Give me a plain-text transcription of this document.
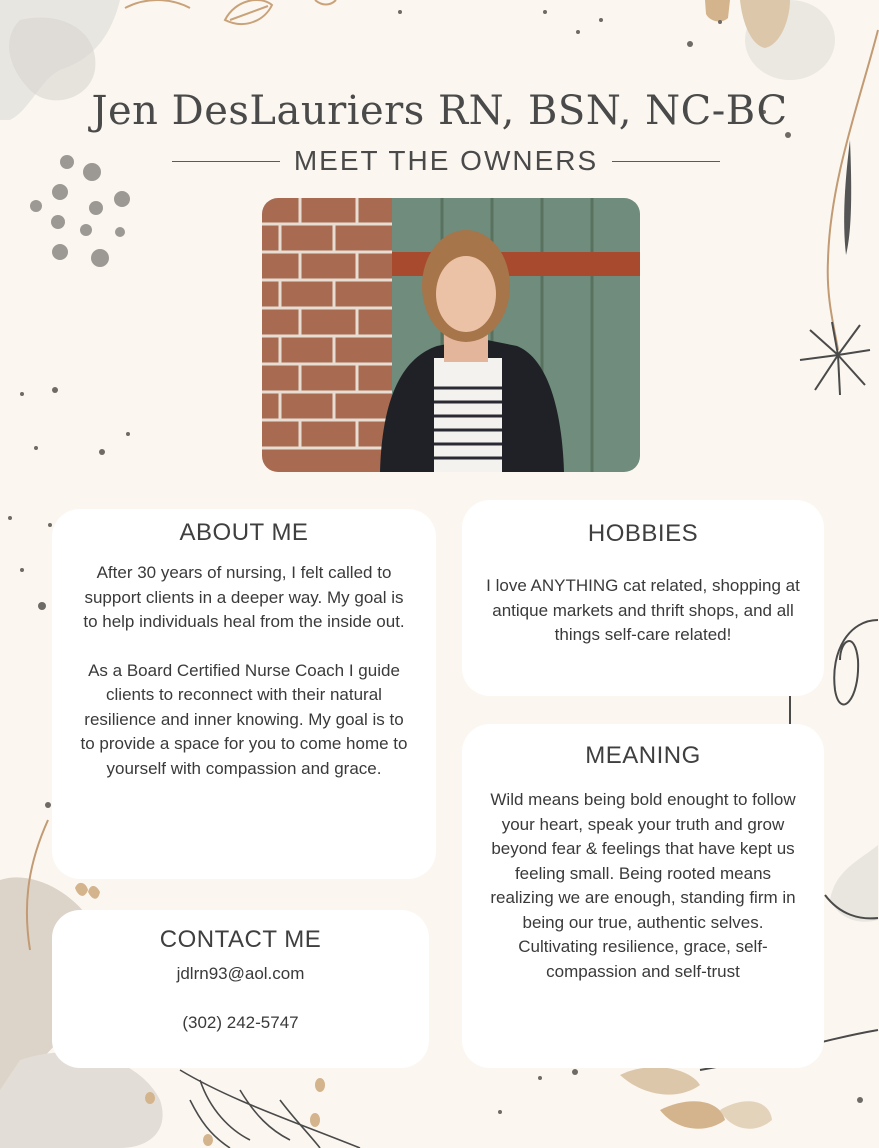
Jen DesLauriers RN, BSN, NC-BC
MEET THE OWNERS
ABOUT ME

After 30 years of nursing, I felt called to support clients in a deeper way. My goal is to help individuals heal from the inside out.

As a Board Certified Nurse Coach I guide clients to reconnect with their natural resilience and inner knowing. My goal is to to provide a space for you to come home to yourself with compassion and grace.

HOBBIES

I love ANYTHING cat related, shopping at antique markets and thrift shops, and all things self-care related!

MEANING

Wild means being bold enought to follow your heart, speak your truth and grow beyond fear & feelings that have kept us feeling small. Being rooted means realizing we are enough, standing firm in being our true, authentic selves. Cultivating resilience, grace, self-compassion and self-trust

CONTACT ME

jdlrn93@aol.com

(302) 242-5747
